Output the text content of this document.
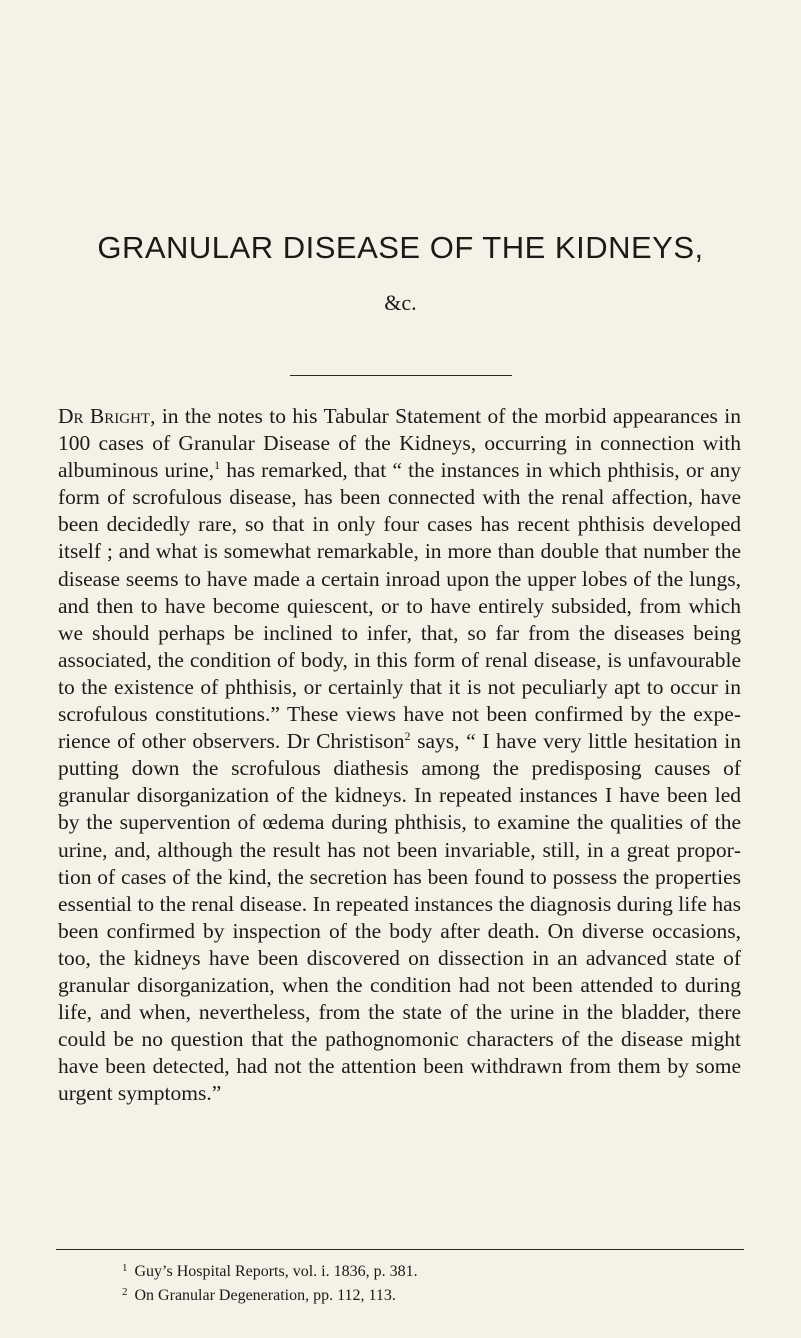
GRANULAR DISEASE OF THE KIDNEYS,
&c.

Dr Bright, in the notes to his Tabular Statement of the morbid appearances in 100 cases of Granular Disease of the Kidneys, occurring in connection with albuminous urine,$^1$ has remarked, that “ the instances in which phthisis, or any form of scrofulous disease, has been connected with the renal affection, have been decidedly rare, so that in only four cases has recent phthisis developed itself ; and what is somewhat remarkable, in more than double that number the disease seems to have made a certain inroad upon the upper lobes of the lungs, and then to have become quiescent, or to have entirely subsided, from which we should perhaps be inclined to infer, that, so far from the diseases being associated, the condition of body, in this form of renal disease, is unfavourable to the existence of phthisis, or certainly that it is not peculiarly apt to occur in scrofulous constitutions.” These views have not been confirmed by the experience of other observers. Dr Christison$^2$ says, “ I have very little hesitation in putting down the scrofulous diathesis among the predisposing causes of granular disorganization of the kidneys. In repeated instances I have been led by the supervention of œdema during phthisis, to examine the qualities of the urine, and, although the result has not been invariable, still, in a great proportion of cases of the kind, the secretion has been found to possess the properties essential to the renal disease. In repeated instances the diagnosis during life has been confirmed by inspection of the body after death. On diverse occasions, too, the kidneys have been discovered on dissection in an advanced state of granular disorganization, when the condition had not been attended to during life, and when, nevertheless, from the state of the urine in the bladder, there could be no question that the pathognomonic characters of the disease might have been detected, had not the attention been withdrawn from them by some urgent symptoms.”

$^1$ Guy’s Hospital Reports, vol. i. 1836, p. 381.
$^2$ On Granular Degeneration, pp. 112, 113.
